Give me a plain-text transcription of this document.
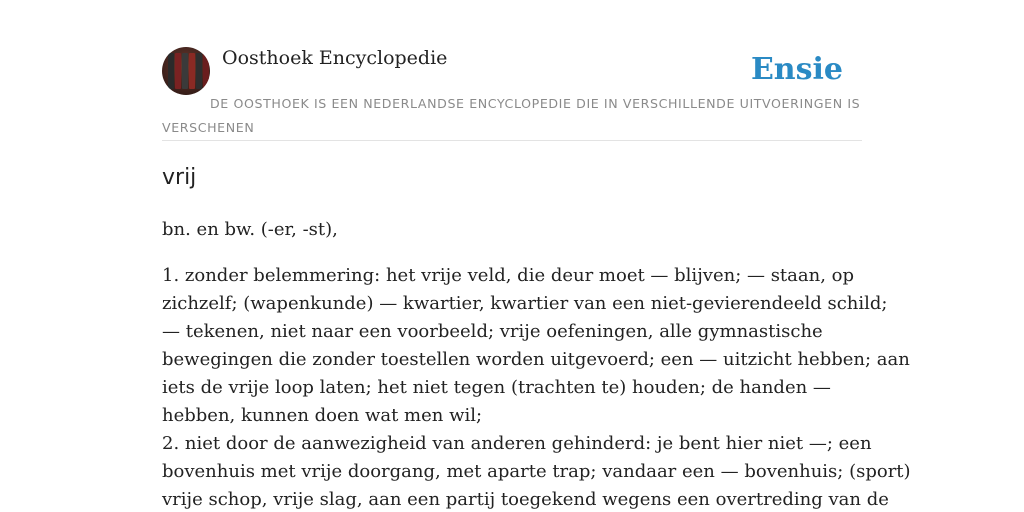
Oosthoek Encyclopedie	Ensie
DE OOSTHOEK IS EEN NEDERLANDSE ENCYCLOPEDIE DIE IN VERSCHILLENDE UITVOERINGEN IS VERSCHENEN
vrij

bn. en bw. (-er, -st),

1. zonder belemmering: het vrije veld, die deur moet — blijven; — staan, op
zichzelf; (wapenkunde) — kwartier, kwartier van een niet-gevierendeeld schild;
— tekenen, niet naar een voorbeeld; vrije oefeningen, alle gymnastische
bewegingen die zonder toestellen worden uitgevoerd; een — uitzicht hebben; aan
iets de vrije loop laten; het niet tegen (trachten te) houden; de handen —
hebben, kunnen doen wat men wil;
2. niet door de aanwezigheid van anderen gehinderd: je bent hier niet —; een
bovenhuis met vrije doorgang, met aparte trap; vandaar een — bovenhuis; (sport)
vrije schop, vrije slag, aan een partij toegekend wegens een overtreding van de
